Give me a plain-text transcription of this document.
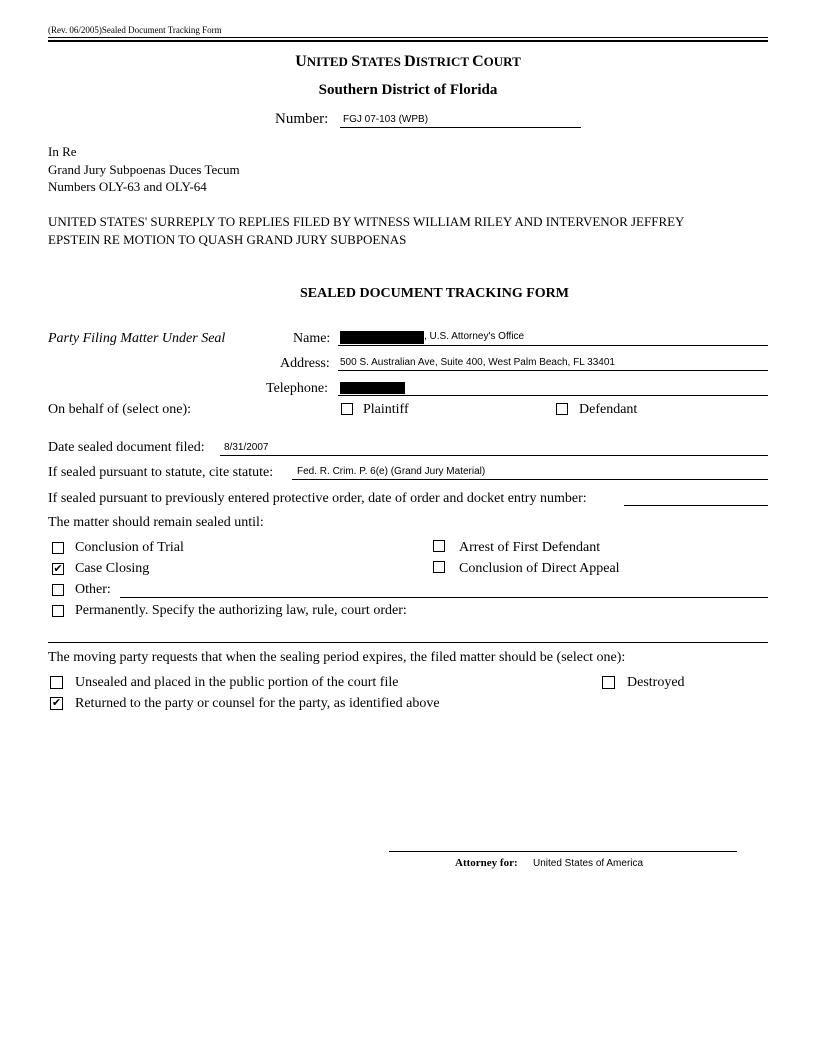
(Rev. 06/2005)Sealed Document Tracking Form
UNITED STATES DISTRICT COURT
Southern District of Florida
Number: FGJ 07-103 (WPB)
In Re
Grand Jury Subpoenas Duces Tecum
Numbers OLY-63 and OLY-64
UNITED STATES' SURREPLY TO REPLIES FILED BY WITNESS WILLIAM RILEY AND INTERVENOR JEFFREY
EPSTEIN RE MOTION TO QUASH GRAND JURY SUBPOENAS
SEALED DOCUMENT TRACKING FORM
Party Filing Matter Under Seal	Name:	, U.S. Attorney's Office
Address: 500 S. Australian Ave, Suite 400, West Palm Beach, FL 33401
Telephone:
On behalf of (select one):	Plaintiff	Defendant
Date sealed document filed: 8/31/2007
If sealed pursuant to statute, cite statute: Fed. R. Crim. P. 6(e) (Grand Jury Material)
If sealed pursuant to previously entered protective order, date of order and docket entry number:
The matter should remain sealed until:
Conclusion of Trial	Arrest of First Defendant
✔ Case Closing	Conclusion of Direct Appeal
Other:
Permanently. Specify the authorizing law, rule, court order:
The moving party requests that when the sealing period expires, the filed matter should be (select one):
Unsealed and placed in the public portion of the court file	Destroyed
✔ Returned to the party or counsel for the party, as identified above
Attorney for: United States of America
